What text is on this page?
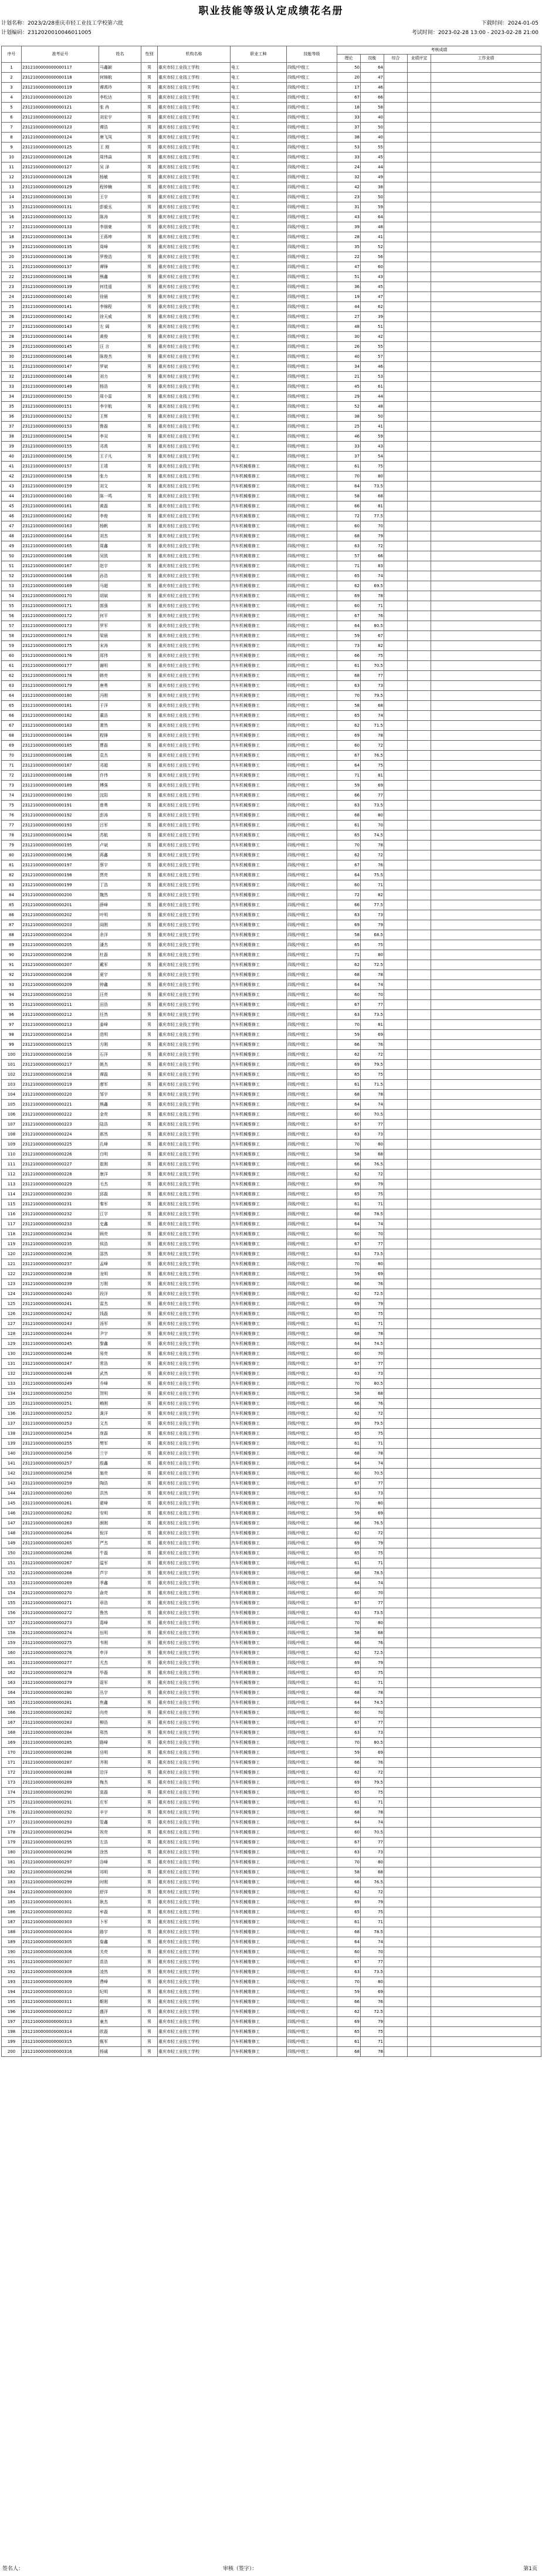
职业技能等级认定成绩花名册
计划名称：2023/2/28重庆市轻工业技工学校第六批	下载时间：2024-01-05
计划编码：2312020010046011005	考试时间：2023-02-28 13:00 - 2023-02-28 21:00
序号	准考证号	姓名	性别	机构名称	职业工种	技能等级	考核成绩				
							理论	技能	综合	业绩评定	工作业绩
1	2312100000000000117	马鑫颖	男	重庆市轻工业技工学校	电工	四级/中级工	50	64			
2	2312100000000000118	何锦航	男	重庆市轻工业技工学校	电工	四级/中级工	20	47			
3	2312100000000000119	谭禹玲	男	重庆市轻工业技工学校	电工	四级/中级工	17	46			
4	2312100000000000120	李松达	男	重庆市轻工业技工学校	电工	四级/中级工	67	66			
5	2312100000000000121	张 冉	男	重庆市轻工业技工学校	电工	四级/中级工	18	58			
6	2312100000000000122	刘宏宇	男	重庆市轻工业技工学校	电工	四级/中级工	33	40			
7	2312100000000000123	谭浩	男	重庆市轻工业技工学校	电工	四级/中级工	37	50			
8	2312100000000000124	唐飞凤	男	重庆市轻工业技工学校	电工	四级/中级工	38	40			
9	2312100000000000125	王 刚	男	重庆市轻工业技工学校	电工	四级/中级工	53	55			
10	2312100000000000126	周伟焱	男	重庆市轻工业技工学校	电工	四级/中级工	33	45			
11	2312100000000000127	吴 泽	男	重庆市轻工业技工学校	电工	四级/中级工	24	44			
12	2312100000000000128	杨敏	男	重庆市轻工业技工学校	电工	四级/中级工	32	49			
13	2312100000000000129	程钟楠	男	重庆市轻工业技工学校	电工	四级/中级工	42	38			
14	2312100000000000130	王宇	男	重庆市轻工业技工学校	电工	四级/中级工	23	50			
15	2312100000000000131	彭毅丞	男	重庆市轻工业技工学校	电工	四级/中级工	31	59			
16	2312100000000000132	陈涛	男	重庆市轻工业技工学校	电工	四级/中级工	43	64			
17	2312100000000000133	李朋豪	男	重庆市轻工业技工学校	电工	四级/中级工	39	48			
18	2312100000000000134	王蒋坤	男	重庆市轻工业技工学校	电工	四级/中级工	28	41			
19	2312100000000000135	周峰	男	重庆市轻工业技工学校	电工	四级/中级工	35	52			
20	2312100000000000136	罗俊浩	男	重庆市轻工业技工学校	电工	四级/中级工	22	56			
21	2312100000000000137	谭锋	男	重庆市轻工业技工学校	电工	四级/中级工	47	60			
22	2312100000000000138	熊鑫	男	重庆市轻工业技工学校	电工	四级/中级工	51	43			
23	2312100000000000139	何佳遥	男	重庆市轻工业技工学校	电工	四级/中级工	36	45			
24	2312100000000000140	徐晨	男	重庆市轻工业技工学校	电工	四级/中级工	19	47			
25	2312100000000000141	李锦程	男	重庆市轻工业技工学校	电工	四级/中级工	44	62			
26	2312100000000000142	徐天威	男	重庆市轻工业技工学校	电工	四级/中级工	27	39			
27	2312100000000000143	左 阔	男	重庆市轻工业技工学校	电工	四级/中级工	48	51			
28	2312100000000000144	黄俊	男	重庆市轻工业技工学校	电工	四级/中级工	30	42			
29	2312100000000000145	汪 言	男	重庆市轻工业技工学校	电工	四级/中级工	26	55			
30	2312100000000000146	陈俊杰	男	重庆市轻工业技工学校	电工	四级/中级工	40	57			
31	2312100000000000147	罗斌	男	重庆市轻工业技工学校	电工	四级/中级工	34	46			
32	2312100000000000148	刘力	男	重庆市轻工业技工学校	电工	四级/中级工	21	53			
33	2312100000000000149	杨浩	男	重庆市轻工业技工学校	电工	四级/中级工	45	61			
34	2312100000000000150	周小雷	男	重庆市轻工业技工学校	电工	四级/中级工	29	44			
35	2312100000000000151	李宇航	男	重庆市轻工业技工学校	电工	四级/中级工	52	48			
36	2312100000000000152	王辉	男	重庆市轻工业技工学校	电工	四级/中级工	38	50			
37	2312100000000000153	鲁磊	男	重庆市轻工业技工学校	电工	四级/中级工	25	41			
38	2312100000000000154	李双	男	重庆市轻工业技工学校	电工	四级/中级工	46	59			
39	2312100000000000155	邓禹	男	重庆市轻工业技工学校	电工	四级/中级工	33	43			
40	2312100000000000156	王子凡	男	重庆市轻工业技工学校	电工	四级/中级工	37	54			
41	2312100000000000157	王靖	男	重庆市轻工业技工学校	汽车机械维修工	四级/中级工	61	75			
42	2312100000000000158	张力	男	重庆市轻工业技工学校	汽车机械维修工	四级/中级工	70	80			
43	2312100000000000159	刘文	男	重庆市轻工业技工学校	汽车机械维修工	四级/中级工	64	73.5			
44	2312100000000000160	陈一鸣	男	重庆市轻工业技工学校	汽车机械维修工	四级/中级工	58	68			
45	2312100000000000161	黄磊	男	重庆市轻工业技工学校	汽车机械维修工	四级/中级工	66	81			
46	2312100000000000162	李俊	男	重庆市轻工业技工学校	汽车机械维修工	四级/中级工	72	77.5			
47	2312100000000000163	杨帆	男	重庆市轻工业技工学校	汽车机械维修工	四级/中级工	60	70			
48	2312100000000000164	刘杰	男	重庆市轻工业技工学校	汽车机械维修工	四级/中级工	68	79			
49	2312100000000000165	周鑫	男	重庆市轻工业技工学校	汽车机械维修工	四级/中级工	63	72			
50	2312100000000000166	吴凯	男	重庆市轻工业技工学校	汽车机械维修工	四级/中级工	57	66			
51	2312100000000000167	赵宇	男	重庆市轻工业技工学校	汽车机械维修工	四级/中级工	71	83			
52	2312100000000000168	孙浩	男	重庆市轻工业技工学校	汽车机械维修工	四级/中级工	65	74			
53	2312100000000000169	马超	男	重庆市轻工业技工学校	汽车机械维修工	四级/中级工	62	69.5			
54	2312100000000000170	胡斌	男	重庆市轻工业技工学校	汽车机械维修工	四级/中级工	69	78			
55	2312100000000000171	郭强	男	重庆市轻工业技工学校	汽车机械维修工	四级/中级工	60	71			
56	2312100000000000172	何平	男	重庆市轻工业技工学校	汽车机械维修工	四级/中级工	67	76			
57	2312100000000000173	罗军	男	重庆市轻工业技工学校	汽车机械维修工	四级/中级工	64	80.5			
58	2312100000000000174	梁晨	男	重庆市轻工业技工学校	汽车机械维修工	四级/中级工	59	67			
59	2312100000000000175	宋涛	男	重庆市轻工业技工学校	汽车机械维修工	四级/中级工	73	82			
60	2312100000000000176	郑伟	男	重庆市轻工业技工学校	汽车机械维修工	四级/中级工	66	75			
61	2312100000000000177	谢明	男	重庆市轻工业技工学校	汽车机械维修工	四级/中级工	61	70.5			
62	2312100000000000178	韩亮	男	重庆市轻工业技工学校	汽车机械维修工	四级/中级工	68	77			
63	2312100000000000179	唐勇	男	重庆市轻工业技工学校	汽车机械维修工	四级/中级工	63	73			
64	2312100000000000180	冯刚	男	重庆市轻工业技工学校	汽车机械维修工	四级/中级工	70	79.5			
65	2312100000000000181	于洋	男	重庆市轻工业技工学校	汽车机械维修工	四级/中级工	58	68			
66	2312100000000000182	董浩	男	重庆市轻工业技工学校	汽车机械维修工	四级/中级工	65	74			
67	2312100000000000183	萧然	男	重庆市轻工业技工学校	汽车机械维修工	四级/中级工	62	71.5			
68	2312100000000000184	程锋	男	重庆市轻工业技工学校	汽车机械维修工	四级/中级工	69	78			
69	2312100000000000185	曹磊	男	重庆市轻工业技工学校	汽车机械维修工	四级/中级工	60	72			
70	2312100000000000186	袁杰	男	重庆市轻工业技工学校	汽车机械维修工	四级/中级工	67	76.5			
71	2312100000000000187	邓超	男	重庆市轻工业技工学校	汽车机械维修工	四级/中级工	64	75			
72	2312100000000000188	许伟	男	重庆市轻工业技工学校	汽车机械维修工	四级/中级工	71	81			
73	2312100000000000189	傅强	男	重庆市轻工业技工学校	汽车机械维修工	四级/中级工	59	69			
74	2312100000000000190	沈阳	男	重庆市轻工业技工学校	汽车机械维修工	四级/中级工	66	77			
75	2312100000000000191	曾勇	男	重庆市轻工业技工学校	汽车机械维修工	四级/中级工	63	73.5			
76	2312100000000000192	彭涛	男	重庆市轻工业技工学校	汽车机械维修工	四级/中级工	68	80			
77	2312100000000000193	吕军	男	重庆市轻工业技工学校	汽车机械维修工	四级/中级工	61	70			
78	2312100000000000194	苏航	男	重庆市轻工业技工学校	汽车机械维修工	四级/中级工	65	74.5			
79	2312100000000000195	卢斌	男	重庆市轻工业技工学校	汽车机械维修工	四级/中级工	70	78			
80	2312100000000000196	蒋鑫	男	重庆市轻工业技工学校	汽车机械维修工	四级/中级工	62	72			
81	2312100000000000197	蔡宇	男	重庆市轻工业技工学校	汽车机械维修工	四级/中级工	67	76			
82	2312100000000000198	贾亮	男	重庆市轻工业技工学校	汽车机械维修工	四级/中级工	64	75.5			
83	2312100000000000199	丁浩	男	重庆市轻工业技工学校	汽车机械维修工	四级/中级工	60	71			
84	2312100000000000200	魏然	男	重庆市轻工业技工学校	汽车机械维修工	四级/中级工	72	82			
85	2312100000000000201	薛峰	男	重庆市轻工业技工学校	汽车机械维修工	四级/中级工	66	77.5			
86	2312100000000000202	叶明	男	重庆市轻工业技工学校	汽车机械维修工	四级/中级工	63	73			
87	2312100000000000203	阎刚	男	重庆市轻工业技工学校	汽车机械维修工	四级/中级工	69	79			
88	2312100000000000204	余洋	男	重庆市轻工业技工学校	汽车机械维修工	四级/中级工	58	68.5			
89	2312100000000000205	潘杰	男	重庆市轻工业技工学校	汽车机械维修工	四级/中级工	65	75			
90	2312100000000000206	杜磊	男	重庆市轻工业技工学校	汽车机械维修工	四级/中级工	71	80			
91	2312100000000000207	戴军	男	重庆市轻工业技工学校	汽车机械维修工	四级/中级工	62	72.5			
92	2312100000000000208	夏宇	男	重庆市轻工业技工学校	汽车机械维修工	四级/中级工	68	78			
93	2312100000000000209	钟鑫	男	重庆市轻工业技工学校	汽车机械维修工	四级/中级工	64	74			
94	2312100000000000210	汪亮	男	重庆市轻工业技工学校	汽车机械维修工	四级/中级工	60	70			
95	2312100000000000211	田浩	男	重庆市轻工业技工学校	汽车机械维修工	四级/中级工	67	77			
96	2312100000000000212	任然	男	重庆市轻工业技工学校	汽车机械维修工	四级/中级工	63	73.5			
97	2312100000000000213	姜峰	男	重庆市轻工业技工学校	汽车机械维修工	四级/中级工	70	81			
98	2312100000000000214	范明	男	重庆市轻工业技工学校	汽车机械维修工	四级/中级工	59	69			
99	2312100000000000215	方刚	男	重庆市轻工业技工学校	汽车机械维修工	四级/中级工	66	76			
100	2312100000000000216	石洋	男	重庆市轻工业技工学校	汽车机械维修工	四级/中级工	62	72			
101	2312100000000000217	姚杰	男	重庆市轻工业技工学校	汽车机械维修工	四级/中级工	69	79.5			
102	2312100000000000218	谭磊	男	重庆市轻工业技工学校	汽车机械维修工	四级/中级工	65	75			
103	2312100000000000219	廖军	男	重庆市轻工业技工学校	汽车机械维修工	四级/中级工	61	71.5			
104	2312100000000000220	邹宇	男	重庆市轻工业技工学校	汽车机械维修工	四级/中级工	68	78			
105	2312100000000000221	熊鑫	男	重庆市轻工业技工学校	汽车机械维修工	四级/中级工	64	74			
106	2312100000000000222	金亮	男	重庆市轻工业技工学校	汽车机械维修工	四级/中级工	60	70.5			
107	2312100000000000223	陆浩	男	重庆市轻工业技工学校	汽车机械维修工	四级/中级工	67	77			
108	2312100000000000224	郝然	男	重庆市轻工业技工学校	汽车机械维修工	四级/中级工	63	73			
109	2312100000000000225	孔峰	男	重庆市轻工业技工学校	汽车机械维修工	四级/中级工	70	80			
110	2312100000000000226	白明	男	重庆市轻工业技工学校	汽车机械维修工	四级/中级工	58	68			
111	2312100000000000227	崔刚	男	重庆市轻工业技工学校	汽车机械维修工	四级/中级工	66	76.5			
112	2312100000000000228	康洋	男	重庆市轻工业技工学校	汽车机械维修工	四级/中级工	62	72			
113	2312100000000000229	毛杰	男	重庆市轻工业技工学校	汽车机械维修工	四级/中级工	69	79			
114	2312100000000000230	邱磊	男	重庆市轻工业技工学校	汽车机械维修工	四级/中级工	65	75			
115	2312100000000000231	秦军	男	重庆市轻工业技工学校	汽车机械维修工	四级/中级工	61	71			
116	2312100000000000232	江宇	男	重庆市轻工业技工学校	汽车机械维修工	四级/中级工	68	78.5			
117	2312100000000000233	史鑫	男	重庆市轻工业技工学校	汽车机械维修工	四级/中级工	64	74			
118	2312100000000000234	顾亮	男	重庆市轻工业技工学校	汽车机械维修工	四级/中级工	60	70			
119	2312100000000000235	侯浩	男	重庆市轻工业技工学校	汽车机械维修工	四级/中级工	67	77			
120	2312100000000000236	邵然	男	重庆市轻工业技工学校	汽车机械维修工	四级/中级工	63	73.5			
121	2312100000000000237	孟峰	男	重庆市轻工业技工学校	汽车机械维修工	四级/中级工	70	80			
122	2312100000000000238	龙明	男	重庆市轻工业技工学校	汽车机械维修工	四级/中级工	59	69			
123	2312100000000000239	万刚	男	重庆市轻工业技工学校	汽车机械维修工	四级/中级工	66	76			
124	2312100000000000240	段洋	男	重庆市轻工业技工学校	汽车机械维修工	四级/中级工	62	72.5			
125	2312100000000000241	雷杰	男	重庆市轻工业技工学校	汽车机械维修工	四级/中级工	69	79			
126	2312100000000000242	钱磊	男	重庆市轻工业技工学校	汽车机械维修工	四级/中级工	65	75			
127	2312100000000000243	汤军	男	重庆市轻工业技工学校	汽车机械维修工	四级/中级工	61	71			
128	2312100000000000244	尹宇	男	重庆市轻工业技工学校	汽车机械维修工	四级/中级工	68	78			
129	2312100000000000245	黎鑫	男	重庆市轻工业技工学校	汽车机械维修工	四级/中级工	64	74.5			
130	2312100000000000246	易亮	男	重庆市轻工业技工学校	汽车机械维修工	四级/中级工	60	70			
131	2312100000000000247	常浩	男	重庆市轻工业技工学校	汽车机械维修工	四级/中级工	67	77			
132	2312100000000000248	武然	男	重庆市轻工业技工学校	汽车机械维修工	四级/中级工	63	73			
133	2312100000000000249	乔峰	男	重庆市轻工业技工学校	汽车机械维修工	四级/中级工	70	80.5			
134	2312100000000000250	贺明	男	重庆市轻工业技工学校	汽车机械维修工	四级/中级工	58	68			
135	2312100000000000251	赖刚	男	重庆市轻工业技工学校	汽车机械维修工	四级/中级工	66	76			
136	2312100000000000252	龚洋	男	重庆市轻工业技工学校	汽车机械维修工	四级/中级工	62	72			
137	2312100000000000253	文杰	男	重庆市轻工业技工学校	汽车机械维修工	四级/中级工	69	79.5			
138	2312100000000000254	庞磊	男	重庆市轻工业技工学校	汽车机械维修工	四级/中级工	65	75			
139	2312100000000000255	樊军	男	重庆市轻工业技工学校	汽车机械维修工	四级/中级工	61	71			
140	2312100000000000256	兰宇	男	重庆市轻工业技工学校	汽车机械维修工	四级/中级工	68	78			
141	2312100000000000257	殷鑫	男	重庆市轻工业技工学校	汽车机械维修工	四级/中级工	64	74			
142	2312100000000000258	施亮	男	重庆市轻工业技工学校	汽车机械维修工	四级/中级工	60	70.5			
143	2312100000000000259	陶浩	男	重庆市轻工业技工学校	汽车机械维修工	四级/中级工	67	77			
144	2312100000000000260	洪然	男	重庆市轻工业技工学校	汽车机械维修工	四级/中级工	63	73			
145	2312100000000000261	翟峰	男	重庆市轻工业技工学校	汽车机械维修工	四级/中级工	70	80			
146	2312100000000000262	安明	男	重庆市轻工业技工学校	汽车机械维修工	四级/中级工	59	69			
147	2312100000000000263	颜刚	男	重庆市轻工业技工学校	汽车机械维修工	四级/中级工	66	76.5			
148	2312100000000000264	倪洋	男	重庆市轻工业技工学校	汽车机械维修工	四级/中级工	62	72			
149	2312100000000000265	严杰	男	重庆市轻工业技工学校	汽车机械维修工	四级/中级工	69	79			
150	2312100000000000266	牛磊	男	重庆市轻工业技工学校	汽车机械维修工	四级/中级工	65	75			
151	2312100000000000267	温军	男	重庆市轻工业技工学校	汽车机械维修工	四级/中级工	61	71			
152	2312100000000000268	芦宇	男	重庆市轻工业技工学校	汽车机械维修工	四级/中级工	68	78.5			
153	2312100000000000269	季鑫	男	重庆市轻工业技工学校	汽车机械维修工	四级/中级工	64	74			
154	2312100000000000270	俞亮	男	重庆市轻工业技工学校	汽车机械维修工	四级/中级工	60	70			
155	2312100000000000271	章浩	男	重庆市轻工业技工学校	汽车机械维修工	四级/中级工	67	77			
156	2312100000000000272	鲁然	男	重庆市轻工业技工学校	汽车机械维修工	四级/中级工	63	73.5			
157	2312100000000000273	葛峰	男	重庆市轻工业技工学校	汽车机械维修工	四级/中级工	70	80			
158	2312100000000000274	伍明	男	重庆市轻工业技工学校	汽车机械维修工	四级/中级工	58	68			
159	2312100000000000275	韦刚	男	重庆市轻工业技工学校	汽车机械维修工	四级/中级工	66	76			
160	2312100000000000276	申洋	男	重庆市轻工业技工学校	汽车机械维修工	四级/中级工	62	72.5			
161	2312100000000000277	尤杰	男	重庆市轻工业技工学校	汽车机械维修工	四级/中级工	69	79			
162	2312100000000000278	毕磊	男	重庆市轻工业技工学校	汽车机械维修工	四级/中级工	65	75			
163	2312100000000000279	聂军	男	重庆市轻工业技工学校	汽车机械维修工	四级/中级工	61	71			
164	2312100000000000280	丛宇	男	重庆市轻工业技工学校	汽车机械维修工	四级/中级工	68	78			
165	2312100000000000281	焦鑫	男	重庆市轻工业技工学校	汽车机械维修工	四级/中级工	64	74.5			
166	2312100000000000282	向亮	男	重庆市轻工业技工学校	汽车机械维修工	四级/中级工	60	70			
167	2312100000000000283	柳浩	男	重庆市轻工业技工学校	汽车机械维修工	四级/中级工	67	77			
168	2312100000000000284	邢然	男	重庆市轻工业技工学校	汽车机械维修工	四级/中级工	63	73			
169	2312100000000000285	路峰	男	重庆市轻工业技工学校	汽车机械维修工	四级/中级工	70	80.5			
170	2312100000000000286	岳明	男	重庆市轻工业技工学校	汽车机械维修工	四级/中级工	59	69			
171	2312100000000000287	齐刚	男	重庆市轻工业技工学校	汽车机械维修工	四级/中级工	66	76			
172	2312100000000000288	沿洋	男	重庆市轻工业技工学校	汽车机械维修工	四级/中级工	62	72			
173	2312100000000000289	梅杰	男	重庆市轻工业技工学校	汽车机械维修工	四级/中级工	69	79.5			
174	2312100000000000290	莫磊	男	重庆市轻工业技工学校	汽车机械维修工	四级/中级工	65	75			
175	2312100000000000291	庄军	男	重庆市轻工业技工学校	汽车机械维修工	四级/中级工	61	71			
176	2312100000000000292	辛宇	男	重庆市轻工业技工学校	汽车机械维修工	四级/中级工	68	78			
177	2312100000000000293	管鑫	男	重庆市轻工业技工学校	汽车机械维修工	四级/中级工	64	74			
178	2312100000000000294	祝亮	男	重庆市轻工业技工学校	汽车机械维修工	四级/中级工	60	70.5			
179	2312100000000000295	左浩	男	重庆市轻工业技工学校	汽车机械维修工	四级/中级工	67	77			
180	2312100000000000296	涂然	男	重庆市轻工业技工学校	汽车机械维修工	四级/中级工	63	73			
181	2312100000000000297	谷峰	男	重庆市轻工业技工学校	汽车机械维修工	四级/中级工	70	80			
182	2312100000000000298	祁明	男	重庆市轻工业技工学校	汽车机械维修工	四级/中级工	58	68			
183	2312100000000000299	时刚	男	重庆市轻工业技工学校	汽车机械维修工	四级/中级工	66	76.5			
184	2312100000000000300	舒洋	男	重庆市轻工业技工学校	汽车机械维修工	四级/中级工	62	72			
185	2312100000000000301	耿杰	男	重庆市轻工业技工学校	汽车机械维修工	四级/中级工	69	79			
186	2312100000000000302	牟磊	男	重庆市轻工业技工学校	汽车机械维修工	四级/中级工	65	75			
187	2312100000000000303	卜军	男	重庆市轻工业技工学校	汽车机械维修工	四级/中级工	61	71			
188	2312100000000000304	路宇	男	重庆市轻工业技工学校	汽车机械维修工	四级/中级工	68	78.5			
189	2312100000000000305	詹鑫	男	重庆市轻工业技工学校	汽车机械维修工	四级/中级工	64	74			
190	2312100000000000306	关亮	男	重庆市轻工业技工学校	汽车机械维修工	四级/中级工	60	70			
191	2312100000000000307	苗浩	男	重庆市轻工业技工学校	汽车机械维修工	四级/中级工	67	77			
192	2312100000000000308	凌然	男	重庆市轻工业技工学校	汽车机械维修工	四级/中级工	63	73.5			
193	2312100000000000309	费峰	男	重庆市轻工业技工学校	汽车机械维修工	四级/中级工	70	80			
194	2312100000000000310	纪明	男	重庆市轻工业技工学校	汽车机械维修工	四级/中级工	59	69			
195	2312100000000000311	靳刚	男	重庆市轻工业技工学校	汽车机械维修工	四级/中级工	66	76			
196	2312100000000000312	盛洋	男	重庆市轻工业技工学校	汽车机械维修工	四级/中级工	62	72.5			
197	2312100000000000313	童杰	男	重庆市轻工业技工学校	汽车机械维修工	四级/中级工	69	79			
198	2312100000000000314	欧磊	男	重庆市轻工业技工学校	汽车机械维修工	四级/中级工	65	75			
199	2312100000000000315	甄军	男	重庆市轻工业技工学校	汽车机械维修工	四级/中级工	61	71			
200	2312100000000000316	杨诚	男	重庆市轻工业技工学校	汽车机械维修工	四级/中级工	68	78			
签名人：	审核（签字）：	第1页
